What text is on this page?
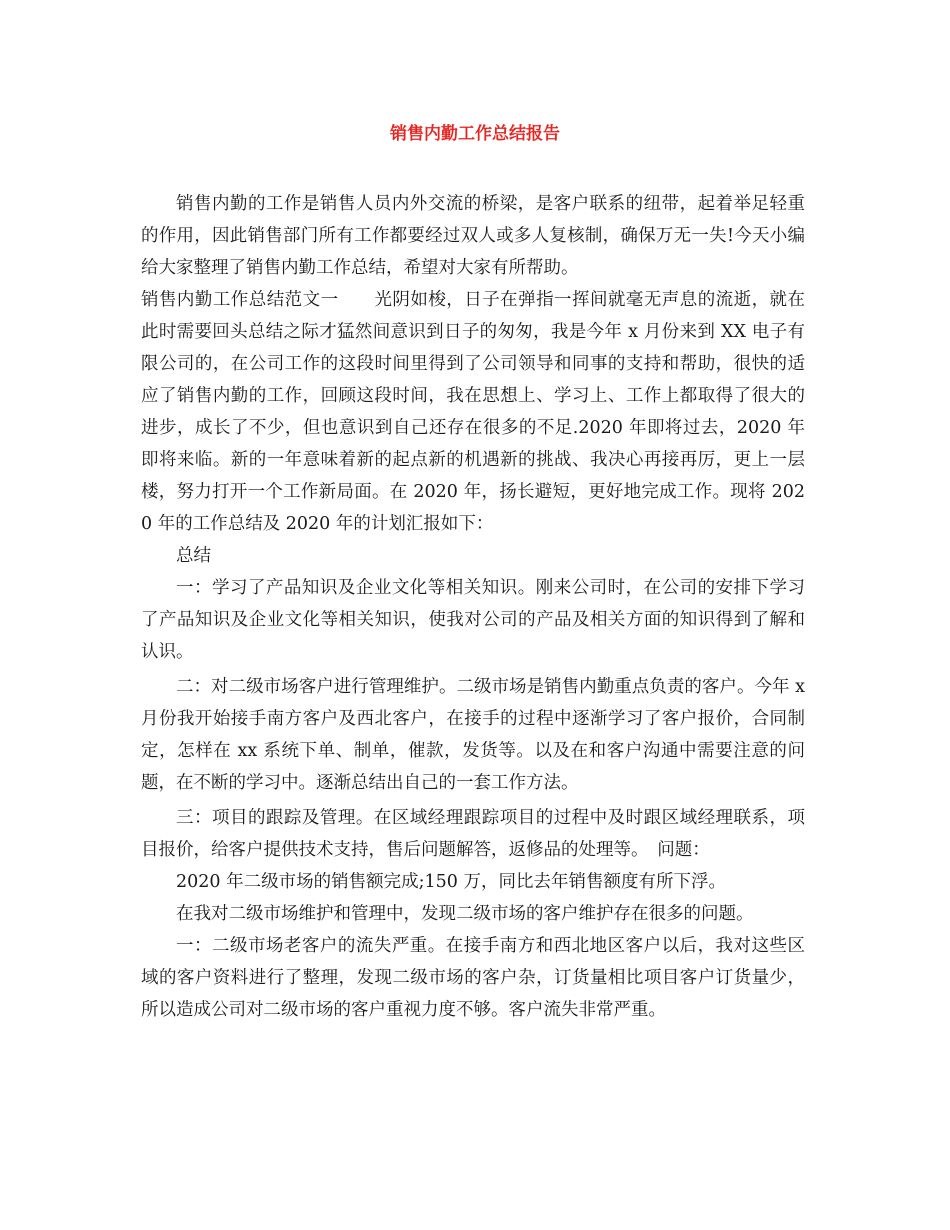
销售内勤工作总结报告

销售内勤的工作是销售人员内外交流的桥梁，是客户联系的纽带，起着举足轻重的作用，因此销售部门所有工作都要经过双人或多人复核制，确保万无一失!今天小编给大家整理了销售内勤工作总结，希望对大家有所帮助。

销售内勤工作总结范文一　　光阴如梭，日子在弹指一挥间就毫无声息的流逝，就在此时需要回头总结之际才猛然间意识到日子的匆匆，我是今年 x 月份来到 XX 电子有限公司的，在公司工作的这段时间里得到了公司领导和同事的支持和帮助，很快的适应了销售内勤的工作，回顾这段时间，我在思想上、学习上、工作上都取得了很大的进步，成长了不少，但也意识到自己还存在很多的不足.2020 年即将过去，2020 年即将来临。新的一年意味着新的起点新的机遇新的挑战、我决心再接再厉，更上一层楼，努力打开一个工作新局面。在 2020 年，扬长避短，更好地完成工作。现将 2020 年的工作总结及 2020 年的计划汇报如下：

总结

一：学习了产品知识及企业文化等相关知识。刚来公司时，在公司的安排下学习了产品知识及企业文化等相关知识，使我对公司的产品及相关方面的知识得到了解和认识。

二：对二级市场客户进行管理维护。二级市场是销售内勤重点负责的客户。今年 x 月份我开始接手南方客户及西北客户，在接手的过程中逐渐学习了客户报价，合同制定，怎样在 xx 系统下单、制单，催款，发货等。以及在和客户沟通中需要注意的问题，在不断的学习中。逐渐总结出自己的一套工作方法。

三：项目的跟踪及管理。在区域经理跟踪项目的过程中及时跟区域经理联系，项目报价，给客户提供技术支持，售后问题解答，返修品的处理等。　问题：

2020 年二级市场的销售额完成;150 万，同比去年销售额度有所下浮。

在我对二级市场维护和管理中，发现二级市场的客户维护存在很多的问题。

一：二级市场老客户的流失严重。在接手南方和西北地区客户以后，我对这些区域的客户资料进行了整理，发现二级市场的客户杂，订货量相比项目客户订货量少，所以造成公司对二级市场的客户重视力度不够。客户流失非常严重。
